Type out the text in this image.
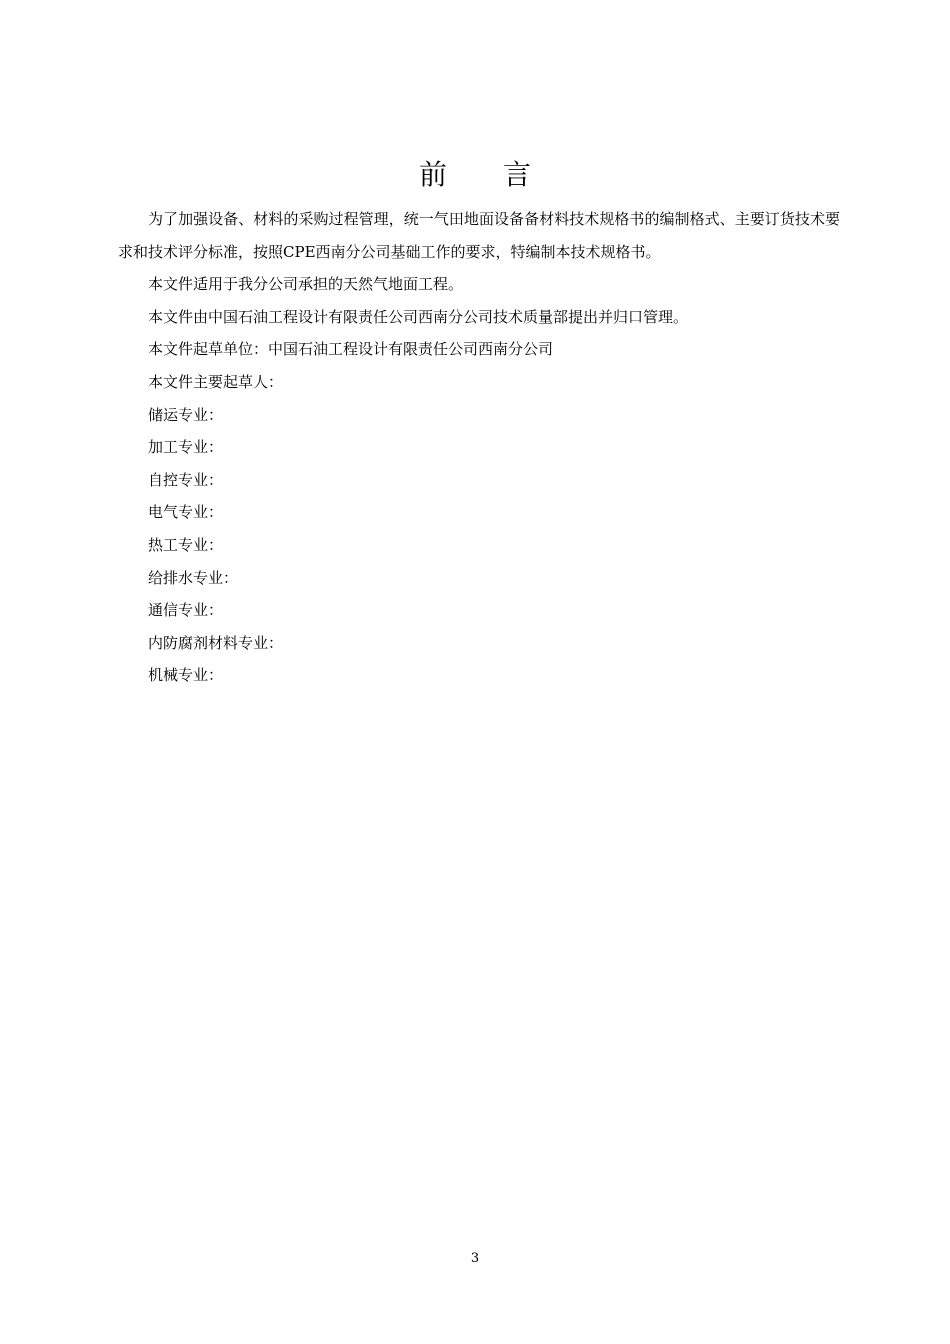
前言

为了加强设备、材料的采购过程管理，统一气田地面设备备材料技术规格书的编制格式、主要订货技术要求和技术评分标准，按照CPE西南分公司基础工作的要求，特编制本技术规格书。

本文件适用于我分公司承担的天然气地面工程。

本文件由中国石油工程设计有限责任公司西南分公司技术质量部提出并归口管理。

本文件起草单位：中国石油工程设计有限责任公司西南分公司

本文件主要起草人：

储运专业：

加工专业：

自控专业：

电气专业：

热工专业：

给排水专业：

通信专业：

内防腐剂材料专业：

机械专业：

3
